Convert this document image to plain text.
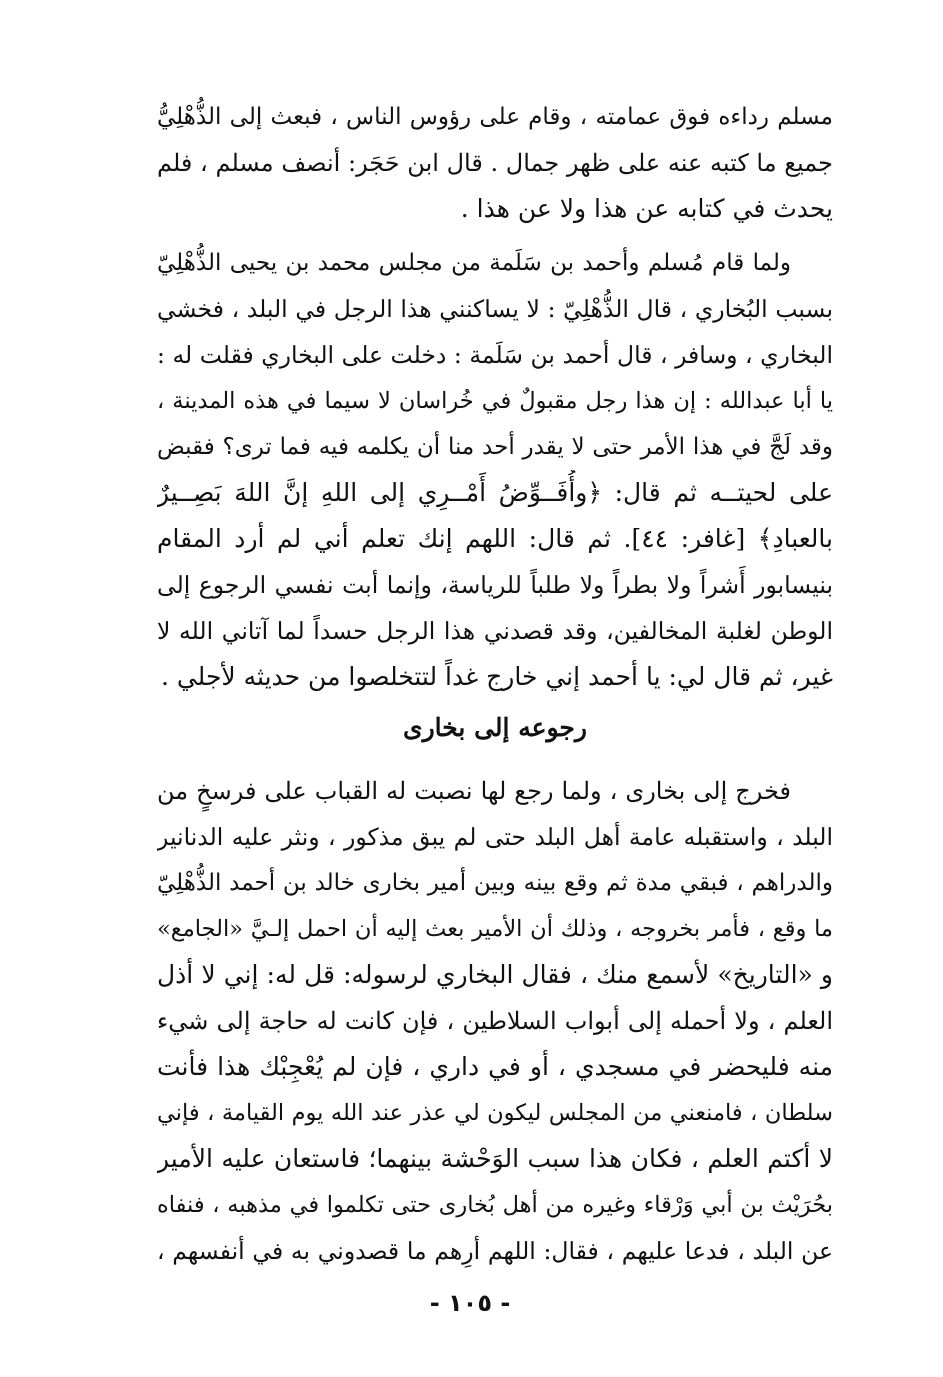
مسلم رداءه فوق عمامته ، وقام على رؤوس الناس ، فبعث إلى الذُّهْلِيُّ
جميع ما كتبه عنه على ظهر جمال . قال ابن حَجَر: أنصف مسلم ، فلم
يحدث في كتابه عن هذا ولا عن هذا .
ولما قام مُسلم وأحمد بن سَلَمة من مجلس محمد بن يحيى الذُّهْلِيّ
بسبب البُخاري ، قال الذُّهْلِيّ : لا يساكنني هذا الرجل في البلد ، فخشي
البخاري ، وسافر ، قال أحمد بن سَلَمة : دخلت على البخاري فقلت له :
يا أبا عبدالله : إن هذا رجل مقبولٌ في خُراسان لا سيما في هذه المدينة ،
وقد لَجَّ في هذا الأمر حتى لا يقدر أحد منا أن يكلمه فيه فما ترى؟ فقبض
على لحيتــه ثم قال: ﴿وأُفَــوِّضُ أَمْــرِي إلى اللهِ إنَّ اللهَ بَصِــيرٌ
بالعبادِ﴾ [غافر: ٤٤]. ثم قال: اللهم إنك تعلم أني لم أرد المقام
بنيسابور أَشراً ولا بطراً ولا طلباً للرياسة، وإنما أبت نفسي الرجوع إلى
الوطن لغلبة المخالفين، وقد قصدني هذا الرجل حسداً لما آتاني الله لا
غير، ثم قال لي: يا أحمد إني خارج غداً لتتخلصوا من حديثه لأجلي .
رجوعه إلى بخارى
فخرج إلى بخارى ، ولما رجع لها نصبت له القباب على فرسخٍ من
البلد ، واستقبله عامة أهل البلد حتى لم يبق مذكور ، ونثر عليه الدنانير
والدراهم ، فبقي مدة ثم وقع بينه وبين أمير بخارى خالد بن أحمد الذُّهْلِيّ
ما وقع ، فأمر بخروجه ، وذلك أن الأمير بعث إليه أن احمل إلـيَّ «الجامع»
و «التاريخ» لأسمع منك ، فقال البخاري لرسوله: قل له: إني لا أذل
العلم ، ولا أحمله إلى أبواب السلاطين ، فإن كانت له حاجة إلى شيء
منه فليحضر في مسجدي ، أو في داري ، فإن لم يُعْجِبْك هذا فأنت
سلطان ، فامنعني من المجلس ليكون لي عذر عند الله يوم القيامة ، فإني
لا أكتم العلم ، فكان هذا سبب الوَحْشة بينهما؛ فاستعان عليه الأمير
بحُرَيْث بن أبي وَرْقاء وغيره من أهل بُخارى حتى تكلموا في مذهبه ، فنفاه
عن البلد ، فدعا عليهم ، فقال: اللهم أرِهم ما قصدوني به في أنفسهم ،
- ١٠٥ -
